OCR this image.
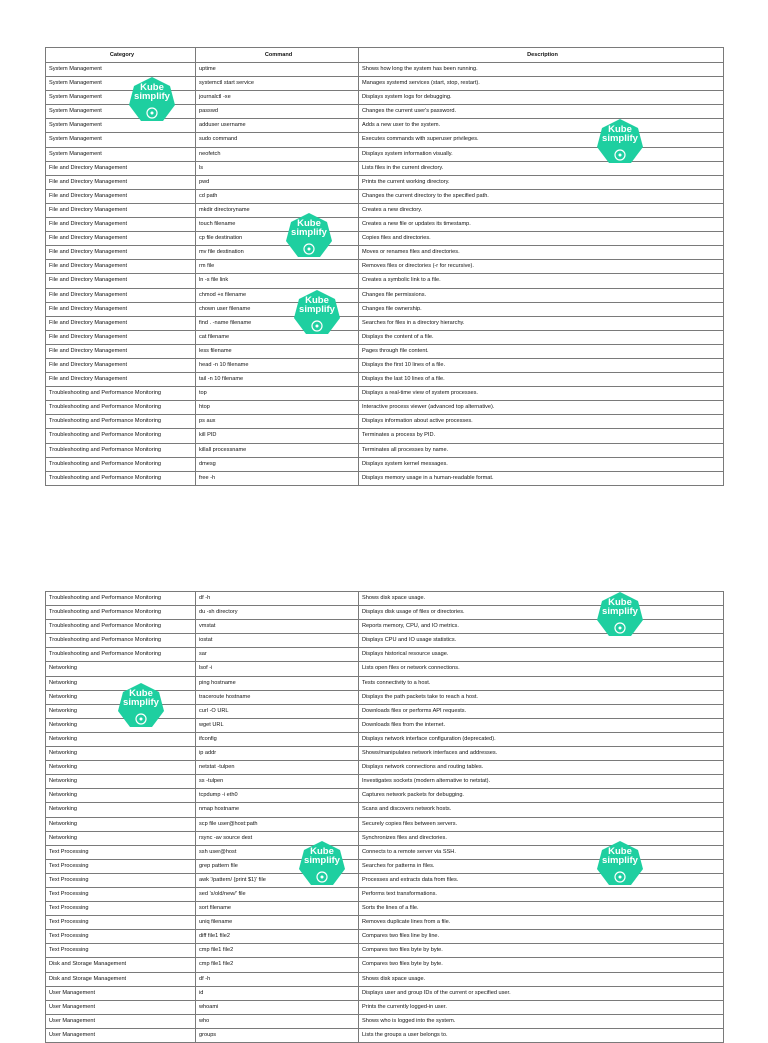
Category	Command	Description
System Management	uptime	Shows how long the system has been running.
System Management	systemctl start service	Manages systemd services (start, stop, restart).
System Management	journalctl -xe	Displays system logs for debugging.
System Management	passwd	Changes the current user's password.
System Management	adduser username	Adds a new user to the system.
System Management	sudo command	Executes commands with superuser privileges.
System Management	neofetch	Displays system information visually.
File and Directory Management	ls	Lists files in the current directory.
File and Directory Management	pwd	Prints the current working directory.
File and Directory Management	cd path	Changes the current directory to the specified path.
File and Directory Management	mkdir directoryname	Creates a new directory.
File and Directory Management	touch filename	Creates a new file or updates its timestamp.
File and Directory Management	cp file destination	Copies files and directories.
File and Directory Management	mv file destination	Moves or renames files and directories.
File and Directory Management	rm file	Removes files or directories (-r for recursive).
File and Directory Management	ln -s file link	Creates a symbolic link to a file.
File and Directory Management	chmod +x filename	Changes file permissions.
File and Directory Management	chown user filename	Changes file ownership.
File and Directory Management	find . -name filename	Searches for files in a directory hierarchy.
File and Directory Management	cat filename	Displays the content of a file.
File and Directory Management	less filename	Pages through file content.
File and Directory Management	head -n 10 filename	Displays the first 10 lines of a file.
File and Directory Management	tail -n 10 filename	Displays the last 10 lines of a file.
Troubleshooting and Performance Monitoring	top	Displays a real-time view of system processes.
Troubleshooting and Performance Monitoring	htop	Interactive process viewer (advanced top alternative).
Troubleshooting and Performance Monitoring	ps aux	Displays information about active processes.
Troubleshooting and Performance Monitoring	kill PID	Terminates a process by PID.
Troubleshooting and Performance Monitoring	killall processname	Terminates all processes by name.
Troubleshooting and Performance Monitoring	dmesg	Displays system kernel messages.
Troubleshooting and Performance Monitoring	free -h	Displays memory usage in a human-readable format.
Troubleshooting and Performance Monitoring	df -h	Shows disk space usage.
Troubleshooting and Performance Monitoring	du -sh directory	Displays disk usage of files or directories.
Troubleshooting and Performance Monitoring	vmstat	Reports memory, CPU, and IO metrics.
Troubleshooting and Performance Monitoring	iostat	Displays CPU and IO usage statistics.
Troubleshooting and Performance Monitoring	sar	Displays historical resource usage.
Networking	lsof -i	Lists open files or network connections.
Networking	ping hostname	Tests connectivity to a host.
Networking	traceroute hostname	Displays the path packets take to reach a host.
Networking	curl -O URL	Downloads files or performs API requests.
Networking	wget URL	Downloads files from the internet.
Networking	ifconfig	Displays network interface configuration (deprecated).
Networking	ip addr	Shows/manipulates network interfaces and addresses.
Networking	netstat -tulpen	Displays network connections and routing tables.
Networking	ss -tulpen	Investigates sockets (modern alternative to netstat).
Networking	tcpdump -i eth0	Captures network packets for debugging.
Networking	nmap hostname	Scans and discovers network hosts.
Networking	scp file user@host:path	Securely copies files between servers.
Networking	rsync -av source dest	Synchronizes files and directories.
Text Processing	ssh user@host	Connects to a remote server via SSH.
Text Processing	grep pattern file	Searches for patterns in files.
Text Processing	awk '/pattern/ {print $1}' file	Processes and extracts data from files.
Text Processing	sed 's/old/new/' file	Performs text transformations.
Text Processing	sort filename	Sorts the lines of a file.
Text Processing	uniq filename	Removes duplicate lines from a file.
Text Processing	diff file1 file2	Compares two files line by line.
Text Processing	cmp file1 file2	Compares two files byte by byte.
Disk and Storage Management	cmp file1 file2	Compares two files byte by byte.
Disk and Storage Management	df -h	Shows disk space usage.
User Management	id	Displays user and group IDs of the current or specified user.
User Management	whoami	Prints the currently logged-in user.
User Management	who	Shows who is logged into the system.
User Management	groups	Lists the groups a user belongs to.
Kube
simplify
Kube
simplify
Kube
simplify
Kube
simplify
Kube
simplify
Kube
simplify
Kube
simplify
Kube
simplify
